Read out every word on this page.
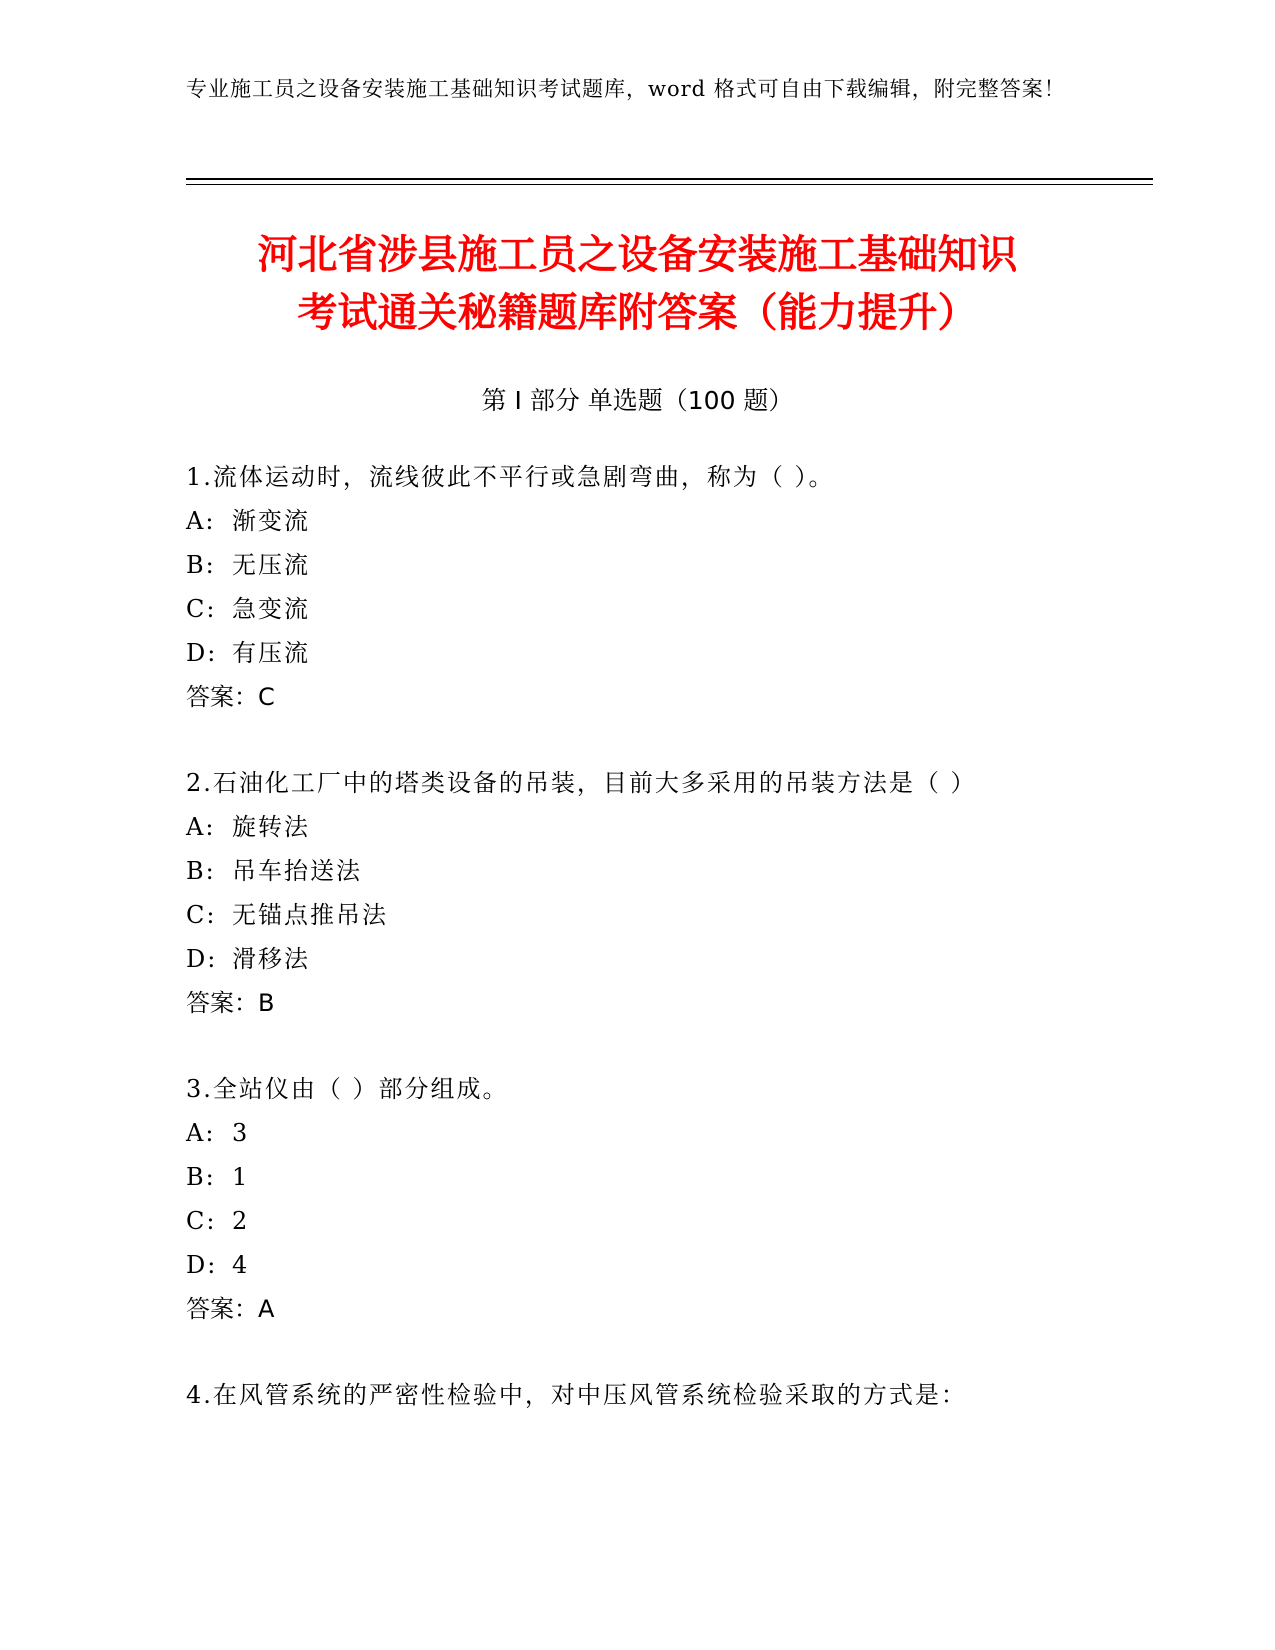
专业施工员之设备安装施工基础知识考试题库，word 格式可自由下载编辑，附完整答案！
河北省涉县施工员之设备安装施工基础知识
考试通关秘籍题库附答案（能力提升）
第 I 部分 单选题（100 题）
1.流体运动时，流线彼此不平行或急剧弯曲，称为（ ）。
A: 渐变流
B: 无压流
C: 急变流
D: 有压流
答案：C
2.石油化工厂中的塔类设备的吊装，目前大多采用的吊装方法是（ ）
A: 旋转法
B: 吊车抬送法
C: 无锚点推吊法
D: 滑移法
答案：B
3.全站仪由（ ）部分组成。
A: 3
B: 1
C: 2
D: 4
答案：A
4.在风管系统的严密性检验中，对中压风管系统检验采取的方式是：
